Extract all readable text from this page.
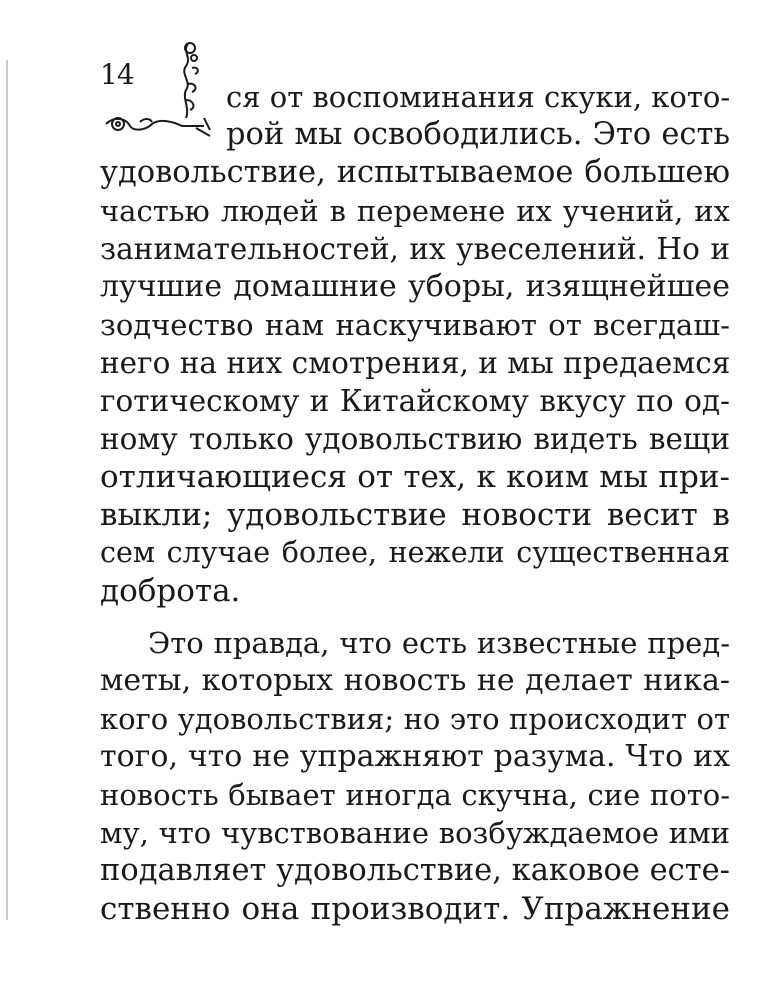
14
ся от воспоминания скуки, кото-
рой мы освободились. Это есть
удовольствие, испытываемое большею
частью людей в перемене их учений, их
занимательностей, их увеселений. Но и
лучшие домашние уборы, изящнейшее
зодчество нам наскучивают от всегдаш-
него на них смотрения, и мы предаемся
готическому и Китайскому вкусу по од-
ному только удовольствию видеть вещи
отличающиеся от тех, к коим мы при-
выкли; удовольствие новости весит в
сем случае более, нежели существенная
доброта.
Это правда, что есть известные пред-
меты, которых новость не делает ника-
кого удовольствия; но это происходит от
того, что не упражняют разума. Что их
новость бывает иногда скучна, сие пото-
му, что чувствование возбуждаемое ими
подавляет удовольствие, каковое есте-
ственно она производит. Упражнение
